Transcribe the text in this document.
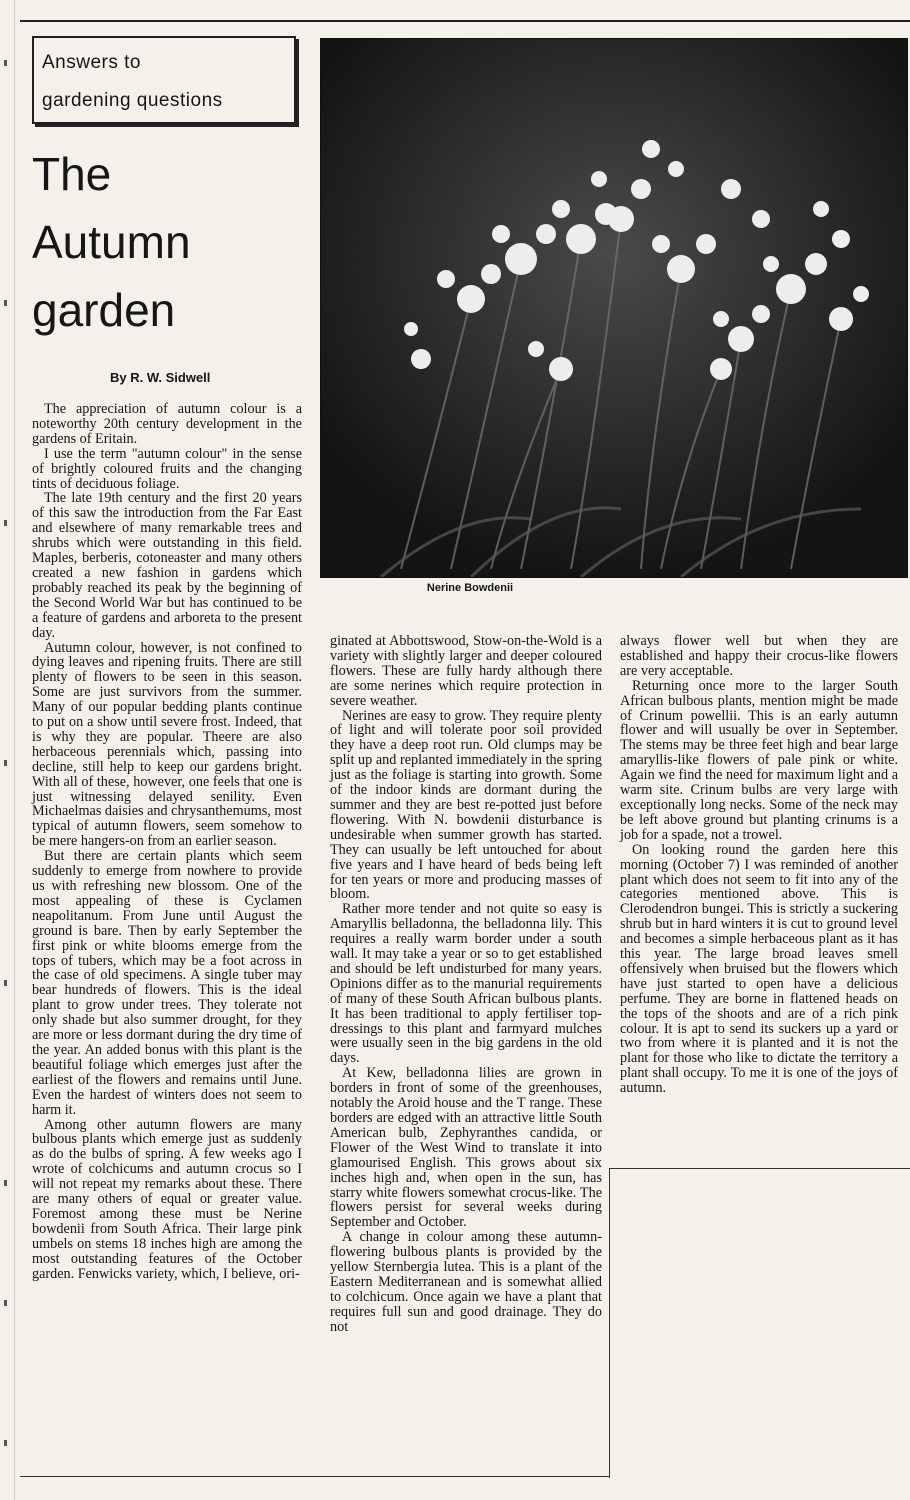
Answers to
gardening questions
The
Autumn
garden
By R. W. Sidwell
Nerine Bowdenii

The appreciation of autumn colour is a noteworthy 20th century development in the gardens of Eritain.

I use the term "autumn colour" in the sense of brightly coloured fruits and the changing tints of deciduous foliage.

The late 19th century and the first 20 years of this saw the introduction from the Far East and elsewhere of many remarkable trees and shrubs which were outstanding in this field. Maples, berberis, cotoneaster and many others created a new fashion in gardens which probably reached its peak by the beginning of the Second World War but has continued to be a feature of gardens and arboreta to the present day.

Autumn colour, however, is not confined to dying leaves and ripening fruits. There are still plenty of flowers to be seen in this season. Some are just survivors from the summer. Many of our popular bedding plants continue to put on a show until severe frost. Indeed, that is why they are popular. Theere are also herbaceous perennials which, passing into decline, still help to keep our gardens bright. With all of these, however, one feels that one is just witnessing delayed senility. Even Michaelmas daisies and chrysanthemums, most typical of autumn flowers, seem somehow to be mere hangers-on from an earlier season.

But there are certain plants which seem suddenly to emerge from nowhere to provide us with refreshing new blossom. One of the most appealing of these is Cyclamen neapolitanum. From June until August the ground is bare. Then by early September the first pink or white blooms emerge from the tops of tubers, which may be a foot across in the case of old specimens. A single tuber may bear hundreds of flowers. This is the ideal plant to grow under trees. They tolerate not only shade but also summer drought, for they are more or less dormant during the dry time of the year. An added bonus with this plant is the beautiful foliage which emerges just after the earliest of the flowers and remains until June. Even the hardest of winters does not seem to harm it.

Among other autumn flowers are many bulbous plants which emerge just as suddenly as do the bulbs of spring. A few weeks ago I wrote of colchicums and autumn crocus so I will not repeat my remarks about these. There are many others of equal or greater value. Foremost among these must be Nerine bowdenii from South Africa. Their large pink umbels on stems 18 inches high are among the most outstanding features of the October garden. Fenwicks variety, which, I believe, ori-

ginated at Abbottswood, Stow-on-the-Wold is a variety with slightly larger and deeper coloured flowers. These are fully hardy although there are some nerines which require protection in severe weather.

Nerines are easy to grow. They require plenty of light and will tolerate poor soil provided they have a deep root run. Old clumps may be split up and replanted immediately in the spring just as the foliage is starting into growth. Some of the indoor kinds are dormant during the summer and they are best re-potted just before flowering. With N. bowdenii disturbance is undesirable when summer growth has started. They can usually be left untouched for about five years and I have heard of beds being left for ten years or more and producing masses of bloom.

Rather more tender and not quite so easy is Amaryllis belladonna, the belladonna lily. This requires a really warm border under a south wall. It may take a year or so to get established and should be left undisturbed for many years. Opinions differ as to the manurial requirements of many of these South African bulbous plants. It has been traditional to apply fertiliser top-dressings to this plant and farmyard mulches were usually seen in the big gardens in the old days.

At Kew, belladonna lilies are grown in borders in front of some of the greenhouses, notably the Aroid house and the T range. These borders are edged with an attractive little South American bulb, Zephyranthes candida, or Flower of the West Wind to translate it into glamourised English. This grows about six inches high and, when open in the sun, has starry white flowers somewhat crocus-like. The flowers persist for several weeks during September and October.

A change in colour among these autumn-flowering bulbous plants is provided by the yellow Sternbergia lutea. This is a plant of the Eastern Mediterranean and is somewhat allied to colchicum. Once again we have a plant that requires full sun and good drainage. They do not

always flower well but when they are established and happy their crocus-like flowers are very acceptable.

Returning once more to the larger South African bulbous plants, mention might be made of Crinum powellii. This is an early autumn flower and will usually be over in September. The stems may be three feet high and bear large amaryllis-like flowers of pale pink or white. Again we find the need for maximum light and a warm site. Crinum bulbs are very large with exceptionally long necks. Some of the neck may be left above ground but planting crinums is a job for a spade, not a trowel.

On looking round the garden here this morning (October 7) I was reminded of another plant which does not seem to fit into any of the categories mentioned above. This is Clerodendron bungei. This is strictly a suckering shrub but in hard winters it is cut to ground level and becomes a simple herbaceous plant as it has this year. The large broad leaves smell offensively when bruised but the flowers which have just started to open have a delicious perfume. They are borne in flattened heads on the tops of the shoots and are of a rich pink colour. It is apt to send its suckers up a yard or two from where it is planted and it is not the plant for those who like to dictate the territory a plant shall occupy. To me it is one of the joys of autumn.
